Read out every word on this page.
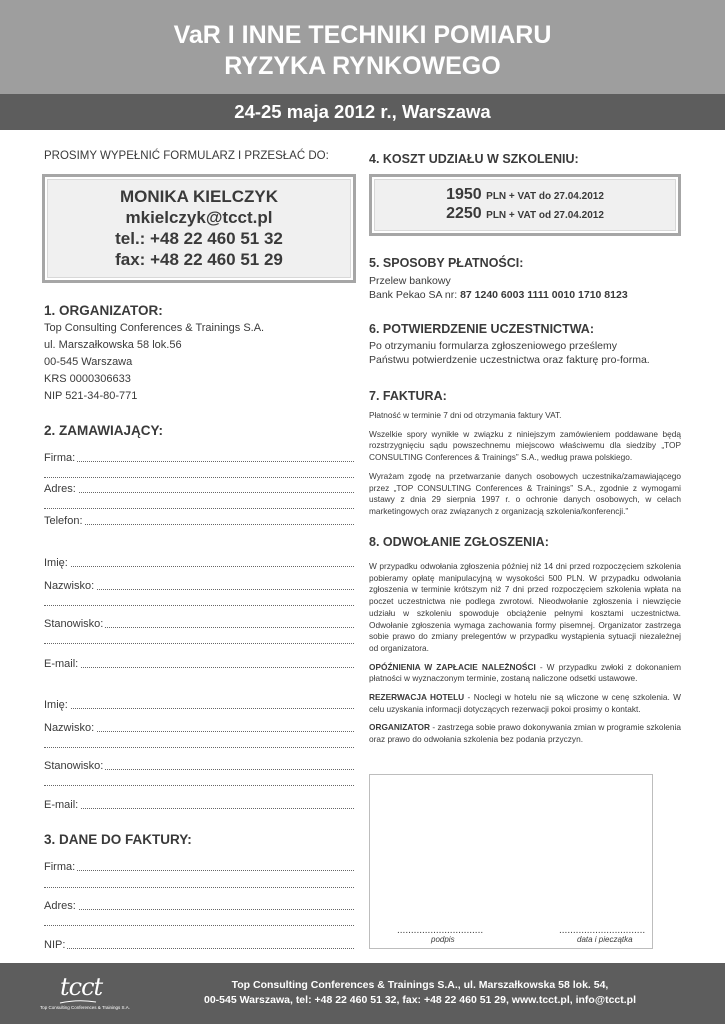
VaR I INNE TECHNIKI POMIARU
RYZYKA RYNKOWEGO
24-25 maja 2012 r., Warszawa
PROSIMY WYPEŁNIĆ FORMULARZ I PRZESŁAĆ DO:
MONIKA KIELCZYK
mkielczyk@tcct.pl
tel.: +48 22 460 51 32
fax: +48 22 460 51 29
1. ORGANIZATOR:
Top Consulting Conferences & Trainings S.A.
ul. Marszałkowska 58 lok.56
00-545 Warszawa
KRS 0000306633
NIP 521-34-80-771
2. ZAMAWIAJĄCY:
Firma:
Adres:
Telefon:
Imię:
Nazwisko:
Stanowisko:
E-mail:
Imię:
Nazwisko:
Stanowisko:
E-mail:
3. DANE DO FAKTURY:
Firma:
Adres:
NIP:
4. KOSZT UDZIAŁU W SZKOLENIU:
1950 PLN + VAT do 27.04.2012
2250 PLN + VAT od 27.04.2012
5. SPOSOBY PŁATNOŚCI:
Przelew bankowy
Bank Pekao SA nr: 87 1240 6003 1111 0010 1710 8123
6. POTWIERDZENIE UCZESTNICTWA:
Po otrzymaniu formularza zgłoszeniowego prześlemy Państwu potwierdzenie uczestnictwa oraz fakturę pro-forma.
7. FAKTURA:
Płatność w terminie 7 dni od otrzymania faktury VAT.
Wszelkie spory wynikłe w związku z niniejszym zamówieniem poddawane będą rozstrzygnięciu sądu powszechnemu miejscowo właściwemu dla siedziby „TOP CONSULTING Conferences & Trainings” S.A., według prawa polskiego.
Wyrażam zgodę na przetwarzanie danych osobowych uczestnika/zamawiającego przez „TOP CONSULTING Conferences & Trainings” S.A., zgodnie z wymogami ustawy z dnia 29 sierpnia 1997 r. o ochronie danych osobowych, w celach marketingowych oraz związanych z organizacją szkolenia/konferencji.”
8. ODWOŁANIE ZGŁOSZENIA:
W przypadku odwołania zgłoszenia później niż 14 dni przed rozpoczęciem szkolenia pobieramy opłatę manipulacyjną w wysokości 500 PLN. W przypadku odwołania zgłoszenia w terminie krótszym niż 7 dni przed rozpoczęciem szkolenia wpłata na poczet uczestnictwa nie podlega zwrotowi. Nieodwołanie zgłoszenia i niewzięcie udziału w szkoleniu spowoduje obciążenie pełnymi kosztami uczestnictwa. Odwołanie zgłoszenia wymaga zachowania formy pisemnej. Organizator zastrzega sobie prawo do zmiany prelegentów w przypadku wystąpienia sytuacji niezależnej od organizatora.
OPÓŹNIENIA W ZAPŁACIE NALEŻNOŚCI - W przypadku zwłoki z dokonaniem płatności w wyznaczonym terminie, zostaną naliczone odsetki ustawowe.
REZERWACJA HOTELU - Noclegi w hotelu nie są wliczone w cenę szkolenia. W celu uzyskania informacji dotyczących rezerwacji pokoi prosimy o kontakt.
ORGANIZATOR - zastrzega sobie prawo dokonywania zmian w programie szkolenia oraz prawo do odwołania szkolenia bez podania przyczyn.
...............................	...............................
podpis	data i pieczątka
tcct
Top Consulting Conferences & Trainings S.A.
Top Consulting Conferences & Trainings S.A., ul. Marszałkowska 58 lok. 54,
00-545 Warszawa, tel: +48 22 460 51 32, fax: +48 22 460 51 29, www.tcct.pl, info@tcct.pl
